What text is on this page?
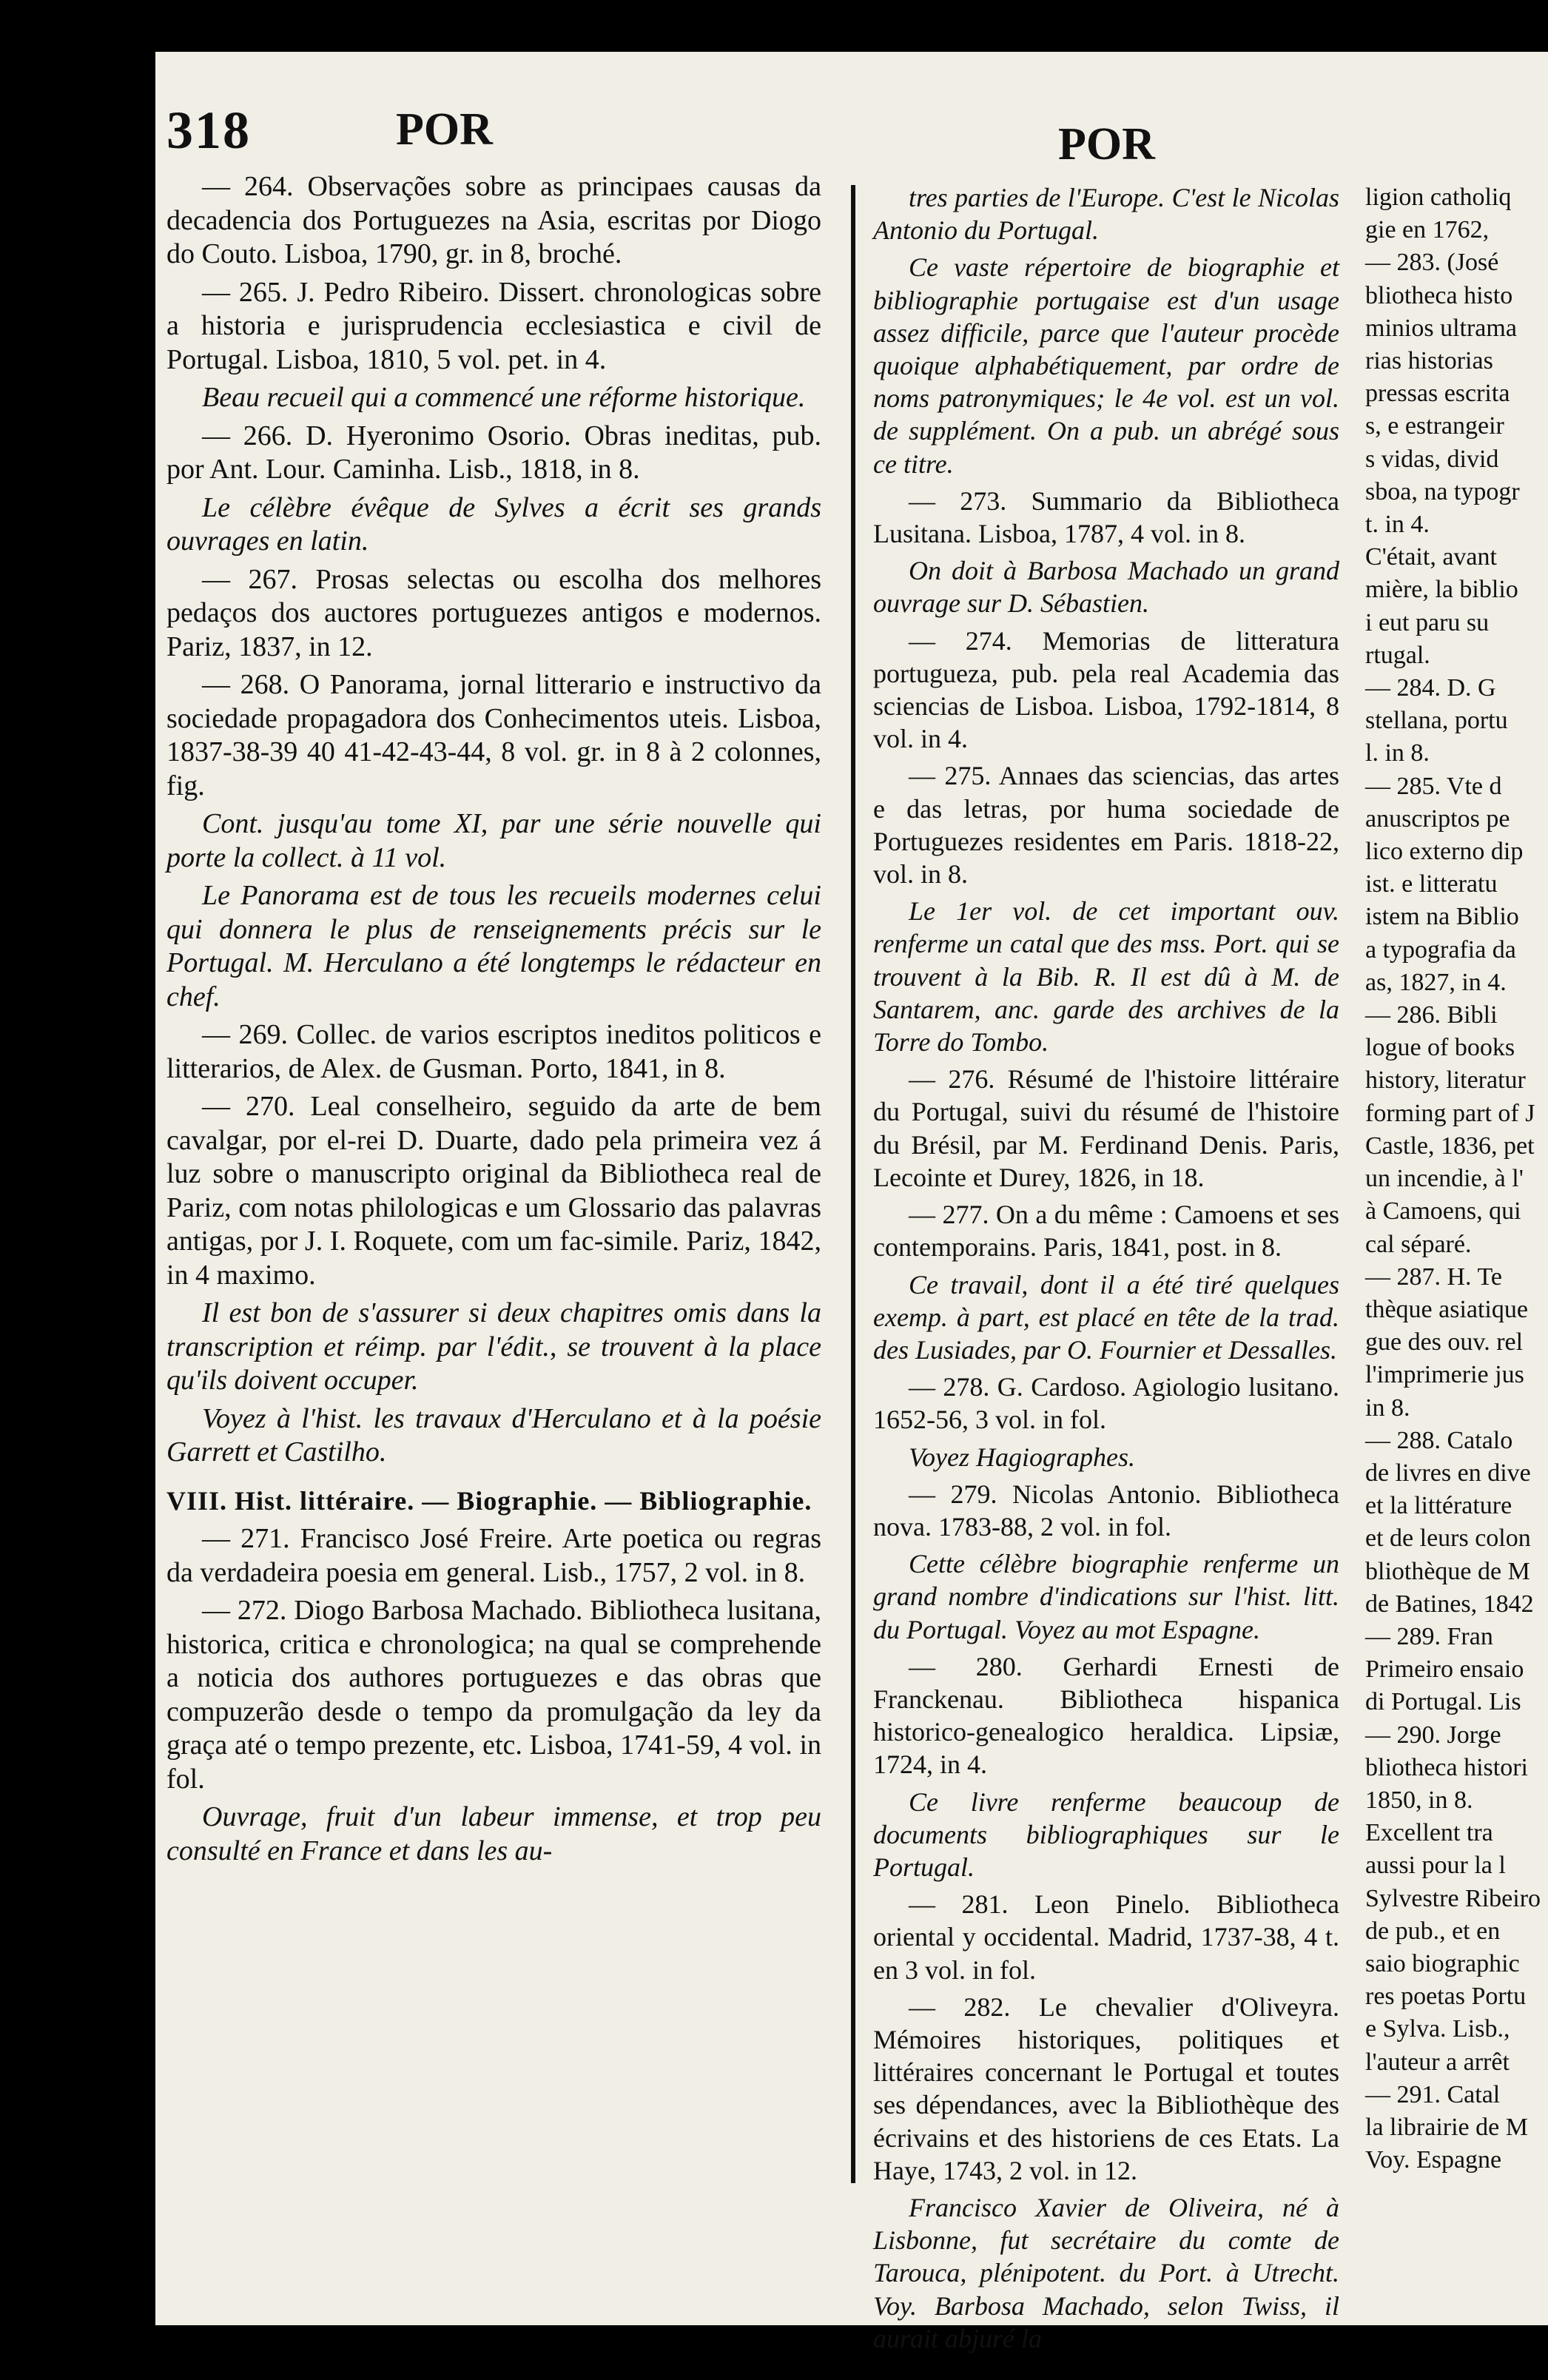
318	POR	POR

— 264. Observações sobre as principaes causas da decadencia dos Portuguezes na Asia, escritas por Diogo do Couto. Lisboa, 1790, gr. in 8, broché.

— 265. J. Pedro Ribeiro. Dissert. chronologicas sobre a historia e jurisprudencia ecclesiastica e civil de Portugal. Lisboa, 1810, 5 vol. pet. in 4.

Beau recueil qui a commencé une réforme historique.

— 266. D. Hyeronimo Osorio. Obras ineditas, pub. por Ant. Lour. Caminha. Lisb., 1818, in 8.

Le célèbre évêque de Sylves a écrit ses grands ouvrages en latin.

— 267. Prosas selectas ou escolha dos melhores pedaços dos auctores portuguezes antigos e modernos. Pariz, 1837, in 12.

— 268. O Panorama, jornal litterario e instructivo da sociedade propagadora dos Conhecimentos uteis. Lisboa, 1837-38-39 40 41-42-43-44, 8 vol. gr. in 8 à 2 colonnes, fig.

Cont. jusqu'au tome XI, par une série nouvelle qui porte la collect. à 11 vol.

Le Panorama est de tous les recueils modernes celui qui donnera le plus de renseignements précis sur le Portugal. M. Herculano a été longtemps le rédacteur en chef.

— 269. Collec. de varios escriptos ineditos politicos e litterarios, de Alex. de Gusman. Porto, 1841, in 8.

— 270. Leal conselheiro, seguido da arte de bem cavalgar, por el-rei D. Duarte, dado pela primeira vez á luz sobre o manuscripto original da Bibliotheca real de Pariz, com notas philologicas e um Glossario das palavras antigas, por J. I. Roquete, com um fac-simile. Pariz, 1842, in 4 maximo.

Il est bon de s'assurer si deux chapitres omis dans la transcription et réimp. par l'édit., se trouvent à la place qu'ils doivent occuper.

Voyez à l'hist. les travaux d'Herculano et à la poésie Garrett et Castilho.

VIII. Hist. littéraire. — Biographie. — Bibliographie.

— 271. Francisco José Freire. Arte poetica ou regras da verdadeira poesia em general. Lisb., 1757, 2 vol. in 8.

— 272. Diogo Barbosa Machado. Bibliotheca lusitana, historica, critica e chronologica; na qual se comprehende a noticia dos authores portuguezes e das obras que compuzerão desde o tempo da promulgação da ley da graça até o tempo prezente, etc. Lisboa, 1741-59, 4 vol. in fol.

Ouvrage, fruit d'un labeur immense, et trop peu consulté en France et dans les au-

tres parties de l'Europe. C'est le Nicolas Antonio du Portugal.

Ce vaste répertoire de biographie et bibliographie portugaise est d'un usage assez difficile, parce que l'auteur procède quoique alphabétiquement, par ordre de noms patronymiques; le 4e vol. est un vol. de supplément. On a pub. un abrégé sous ce titre.

— 273. Summario da Bibliotheca Lusitana. Lisboa, 1787, 4 vol. in 8.

On doit à Barbosa Machado un grand ouvrage sur D. Sébastien.

— 274. Memorias de litteratura portugueza, pub. pela real Academia das sciencias de Lisboa. Lisboa, 1792-1814, 8 vol. in 4.

— 275. Annaes das sciencias, das artes e das letras, por huma sociedade de Portuguezes residentes em Paris. 1818-22, vol. in 8.

Le 1er vol. de cet important ouv. renferme un catal que des mss. Port. qui se trouvent à la Bib. R. Il est dû à M. de Santarem, anc. garde des archives de la Torre do Tombo.

— 276. Résumé de l'histoire littéraire du Portugal, suivi du résumé de l'histoire du Brésil, par M. Ferdinand Denis. Paris, Lecointe et Durey, 1826, in 18.

— 277. On a du même : Camoens et ses contemporains. Paris, 1841, post. in 8.

Ce travail, dont il a été tiré quelques exemp. à part, est placé en tête de la trad. des Lusiades, par O. Fournier et Dessalles.

— 278. G. Cardoso. Agiologio lusitano. 1652-56, 3 vol. in fol.

Voyez Hagiographes.

— 279. Nicolas Antonio. Bibliotheca nova. 1783-88, 2 vol. in fol.

Cette célèbre biographie renferme un grand nombre d'indications sur l'hist. litt. du Portugal. Voyez au mot Espagne.

— 280. Gerhardi Ernesti de Franckenau. Bibliotheca hispanica historico-genealogico heraldica. Lipsiæ, 1724, in 4.

Ce livre renferme beaucoup de documents bibliographiques sur le Portugal.

— 281. Leon Pinelo. Bibliotheca oriental y occidental. Madrid, 1737-38, 4 t. en 3 vol. in fol.

— 282. Le chevalier d'Oliveyra. Mémoires historiques, politiques et littéraires concernant le Portugal et toutes ses dépendances, avec la Bibliothèque des écrivains et des historiens de ces Etats. La Haye, 1743, 2 vol. in 12.

Francisco Xavier de Oliveira, né à Lisbonne, fut secrétaire du comte de Tarouca, plénipotent. du Port. à Utrecht. Voy. Barbosa Machado, selon Twiss, il aurait abjuré la

ligion catholiq
gie en 1762,
— 283. (José
bliotheca histo
minios ultrama
rias historias
pressas escrita
s, e estrangeir
s vidas, divid
sboa, na typogr
t. in 4.
C'était, avant
mière, la biblio
i eut paru su
rtugal.
— 284. D. G
stellana, portu
l. in 8.
— 285. Vte d
anuscriptos pe
lico externo dip
ist. e litteratu
istem na Biblio
a typografia da
as, 1827, in 4.
— 286. Bibli
logue of books
history, literatur
forming part of J
Castle, 1836, pet
un incendie, à l'
à Camoens, qui
cal séparé.
— 287. H. Te
thèque asiatique
gue des ouv. rel
l'imprimerie jus
in 8.
— 288. Catalo
de livres en dive
et la littérature
et de leurs colon
bliothèque de M
de Batines, 1842
— 289. Fran
Primeiro ensaio
di Portugal. Lis
— 290. Jorge
bliotheca histori
1850, in 8.
Excellent tra
aussi pour la l
Sylvestre Ribeiro
de pub., et en
saio biographic
res poetas Portu
e Sylva. Lisb.,
l'auteur a arrêt
— 291. Catal
la librairie de M
Voy. Espagne
